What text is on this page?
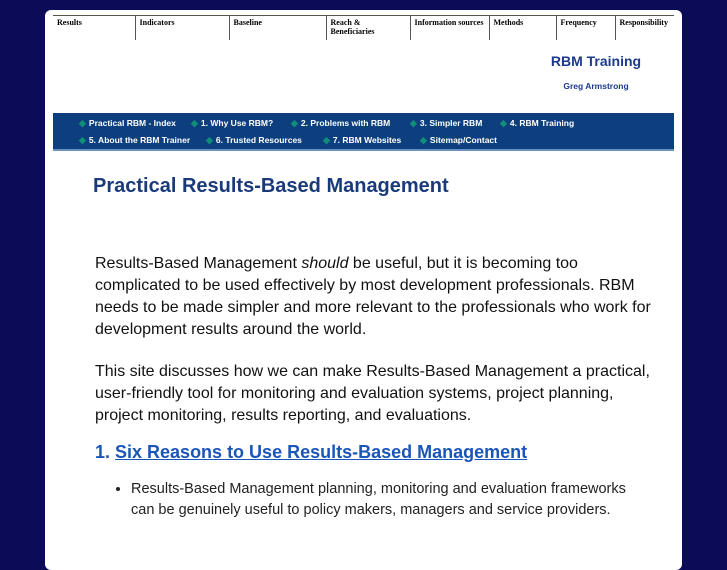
Results	Indicators	Baseline	Reach & Beneficiaries	Information sources	Methods	Frequency	Responsibility
RBM Training
Greg Armstrong
◆ Practical RBM - Index ◆ 1. Why Use RBM? ◆ 2. Problems with RBM ◆ 3. Simpler RBM ◆ 4. RBM Training
◆ 5. About the RBM Trainer ◆ 6. Trusted Resources ◆ 7. RBM Websites ◆ Sitemap/Contact
Practical Results-Based Management

Results-Based Management should be useful, but it is becoming too complicated to be used effectively by most development professionals. RBM needs to be made simpler and more relevant to the professionals who work for development results around the world.

This site discusses how we can make Results-Based Management a practical, user-friendly tool for monitoring and evaluation systems, project planning, project monitoring, results reporting, and evaluations.

1. Six Reasons to Use Results-Based Management
• Results-Based Management planning, monitoring and evaluation frameworks can be genuinely useful to policy makers, managers and service providers.
